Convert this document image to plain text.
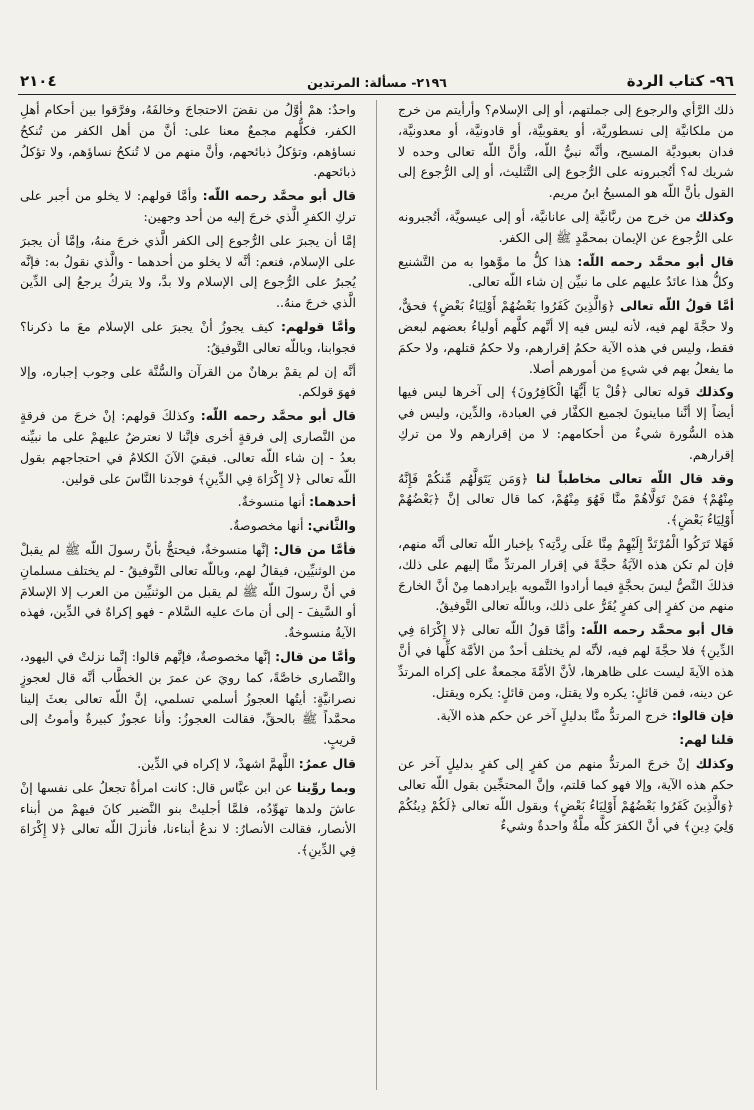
٩٦- كتاب الردة
٢١٩٦- مسألة: المرتدين
٢١٠٤

ذلك الرَّأي والرجوع إلى جملتهم، أو إلى الإسلام؟ وأرأيتم من خرج من ملكانيَّة إلى نسطوريَّة، أو يعقوبيَّة، أو قادونيَّة، أو معدونيَّة، فدان بعبوديَّة المسيح، وأنَّه نبيُّ اللّه، وأنَّ اللّه تعالى وحده لا شريك له؟ أتُجبرونه على الرُّجوع إلى التَّثليث، أو إلى الرُّجوع إلى القول بأنَّ اللّه هو المسيحُ ابنُ مريم.

وكذلك من خرج من ربَّانيَّة إلى عانانيَّة، أو إلى عيسويَّة، أتُجبرونه على الرُّجوع عن الإيمان بمحمَّدٍ ﷺ إلى الكفر.

قال أبو محمَّد رحمه اللّه: هذا كلُّ ما موَّهوا به من التَّشنيع وكلُّ هذا عائدٌ عليهم على ما نبيِّن إن شاء اللّه تعالى.

أمَّا قولُ اللّه تعالى ﴿وَالَّذِينَ كَفَرُوا بَعْضُهُمْ أَوْلِيَاءُ بَعْضٍ﴾ فحقٌّ، ولا حجَّةَ لهم فيه، لأنه ليس فيه إلا أنَّهم كلَّهم أولياءُ بعضهم لبعض فقط، وليس في هذه الآية حكمُ إقرارهم، ولا حكمُ قتلهم، ولا حكمَ ما يفعلُ بهم في شيءٍ من أمورهم أصلا.

وكذلك قوله تعالى ﴿قُلْ يَا أَيُّهَا الْكَافِرُونَ﴾ إلى آخرها ليس فيها أيضاً إلا أنَّنا مباينونَ لجميع الكفَّار في العبادة، والدِّين، وليس في هذه السُّورة شيءٌ من أحكامهم: لا من إقرارهم ولا من تركِ إقرارهم.

وقد قال اللّه تعالى مخاطباً لنا ﴿وَمَن يَتَوَلَّهُم مِّنكُمْ فَإِنَّهُ مِنْهُمْ﴾ فمَنْ تَوَلَّاهُمْ منَّا فَهُوَ مِنْهُمْ، كما قال تعالى إنَّ ﴿بَعْضُهُمْ أَوْلِيَاءُ بَعْضٍ﴾.

فَهَلا تَرَكُوا الْمُرْتَدَّ إِلَيْهِمْ مِنَّا عَلَى رِدَّتِه؟ بإخبار اللّه تعالى أنَّه منهم، فإن لم تكن هذه الآيَةُ حجَّةً في إقرار المرتدِّ منَّا إليهم على ذلك، فذلكَ النَّصُّ ليسَ بحجَّةٍ فيما أرادوا التَّمويه بإيرادهما مِنْ أنَّ الخارجَ منهم من كفرٍ إلى كفرٍ يُقَرُّ على ذلك، وباللّه تعالى التَّوفيقُ.

قال أبو محمَّد رحمه اللّه: وأمَّا قولُ اللّه تعالى ﴿لا إِكْرَاهَ فِي الدِّينِ﴾ فلا حجَّةَ لهم فيه، لأنَّه لم يختلف أحدٌ من الأمَّة كلِّها في أنَّ هذه الآيةَ ليست على ظاهرها، لأنَّ الأمَّةَ مجمعةٌ على إكراه المرتدِّ عن دينه، فمن قائلٍ: يكره ولا يقتل، ومن قائلٍ: يكره ويقتل.

فإن قالوا: خرج المرتدُّ منَّا بدليلٍ آخر عن حكم هذه الآية.

قلنا لهم:

وكذلك إنْ خرجَ المرتدُّ منهم من كفرٍ إلى كفرٍ بدليلٍ آخر عن حكم هذه الآية، وإلا فهو كما قلتم، وإنَّ المحتجِّين بقول اللّه تعالى ﴿وَالَّذِينَ كَفَرُوا بَعْضُهُمْ أَوْلِيَاءُ بَعْضٍ﴾ وبقول اللّه تعالى ﴿لَكُمْ دِينُكُمْ وَلِيَ دِينِ﴾ في أنَّ الكفرَ كلَّه ملَّةٌ واحدةٌ وشيءٌ

واحدٌ: همْ أوَّلُ من نقضَ الاحتجاجَ وخالفَهُ، وفرَّقوا بين أحكام أهلِ الكفر، فكلُّهم مجمعٌ معنا على: أنَّ من أهل الكفر من تُنكحُ نساؤهم، وتؤكلُ ذبائحهم، وأنَّ منهم من لا تُنكحُ نساؤهم، ولا تؤكلُ ذبائحهم.

قال أبو محمَّد رحمه اللّه: وأمَّا قولهم: لا يخلو من أجبر على تركِ الكفرِ الَّذي خرجَ إليه من أحد وجهين:

إمَّا أن يجبرَ على الرُّجوع إلى الكفر الَّذي خرجَ منهُ، وإمَّا أن يجبرَ على الإسلام، فنعم: أنَّه لا يخلو من أحدهما - والَّذي نقولُ به: فإنَّه يُجبرُ على الرُّجوع إلى الإسلام ولا بدَّ، ولا يتركُ يرجعُ إلى الدِّين الَّذي خرجَ منهُ..

وأمَّا قولهم: كيف يجوزُ أنْ يجبرَ على الإسلام معَ ما ذكرنا؟ فجوابنا، وباللّه تعالى التَّوفيقُ:

أنَّه إن لم يقمْ برهانٌ من القرآن والسُّنَّة على وجوب إجباره، وإلا فهوَ قولكم.

قال أبو محمَّد رحمه اللّه: وكذلكَ قولهم: إنْ خرجَ من فرقةٍ من النَّصارى إلى فرقةٍ أخرى فإنَّنا لا نعترضُ عليهمْ على ما نبيِّنه بعدُ - إن شاء اللّه تعالى. فبقيَ الآنَ الكلامُ في احتجاجهم بقول اللّه تعالى ﴿لا إِكْرَاهَ فِي الدِّينِ﴾ فوجدنا النَّاسَ على قولين.

أحدهما: أنها منسوخةٌ.

والثَّاني: أنها مخصوصةٌ.

فأمَّا من قال: إنَّها منسوخةٌ، فيحتجُّ بأنَّ رسولَ اللّه ﷺ لم يقبلْ من الوثنيِّين، فيقالُ لهم، وباللّه تعالى التَّوفيقُ - لم يختلف مسلمانِ في أنَّ رسولَ اللّه ﷺ لم يقبل من الوثنيِّين من العرب إلا الإسلامَ أو السَّيفَ - إلى أن ماتَ عليه السَّلام - فهو إكراهٌ في الدِّين، فهذه الآيةُ منسوخةٌ.

وأمَّا من قال: إنَّها مخصوصةٌ، فإنَّهم قالوا: إنَّما نزلتْ في اليهود، والنَّصارى خاصَّةً، كما رويَ عن عمرَ بن الخطَّاب أنَّه قال لعجوزٍ نصرانيَّةٍ: أيتُها العجوزُ أسلمي تسلمي، إنَّ اللّه تعالى بعثَ إلينا محمَّداً ﷺ بالحقِّ، فقالت العجوزُ: وأنا عجوزٌ كبيرةٌ وأموتُ إلى قريبٍ.

قال عمرُ: اللَّهمَّ اشهدْ، لا إكراه في الدِّين.

وبما روِّينا عن ابن عبَّاس قال: كانت امرأةٌ تجعلُ على نفسها إنْ عاشَ ولدها تهوِّدُه، فلمَّا أجليتْ بنو النَّضير كانَ فيهمْ من أبناء الأنصار، فقالت الأنصارُ: لا ندعُ أبناءنا، فأنزلَ اللّه تعالى ﴿لا إِكْرَاهَ فِي الدِّينِ﴾.
